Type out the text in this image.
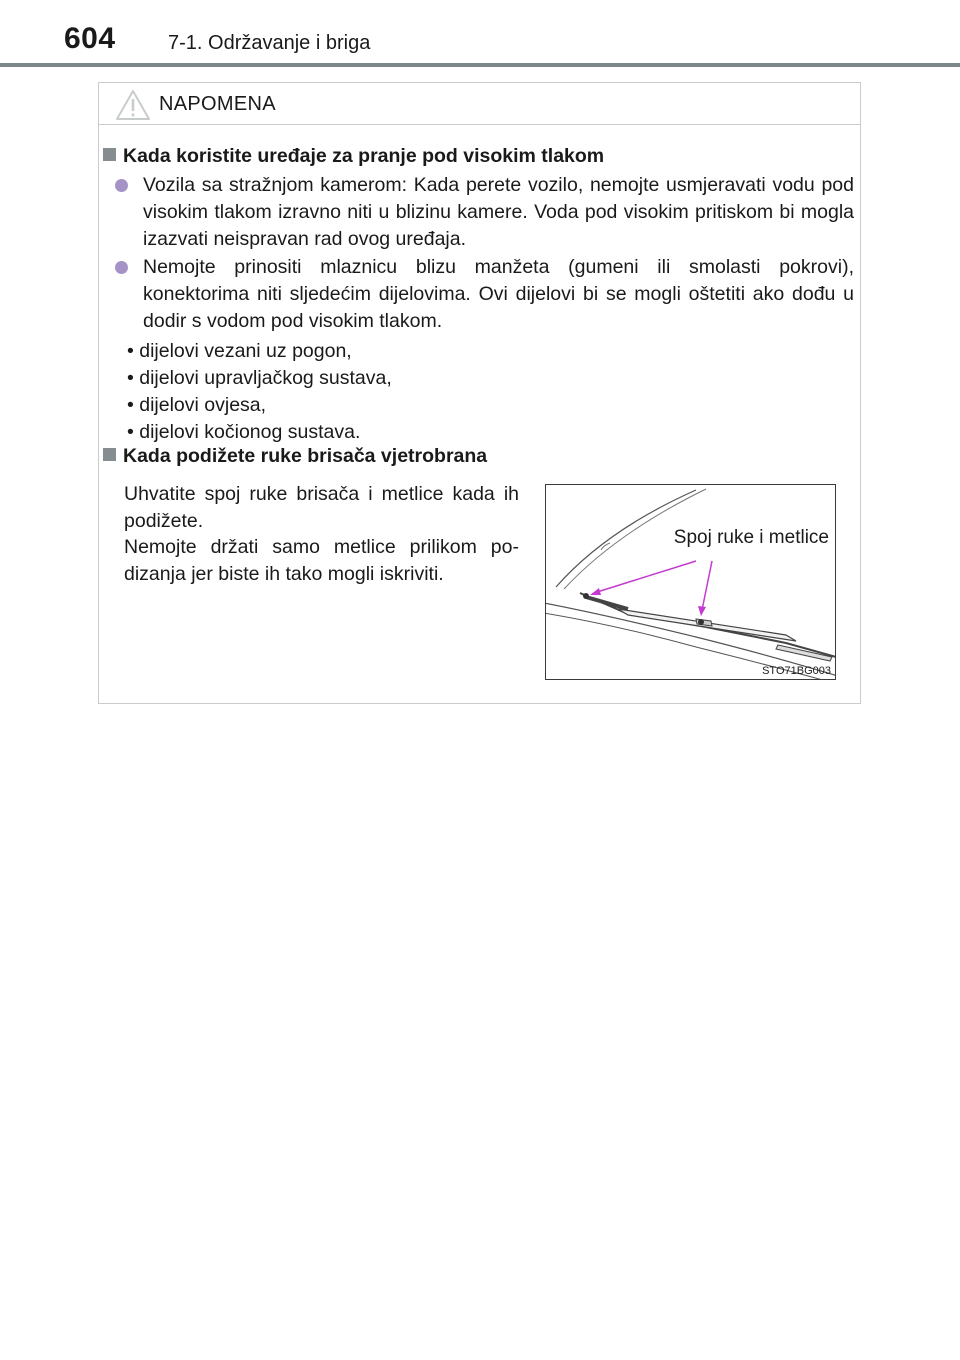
604	7-1. Održavanje i briga
NAPOMENA
Kada koristite uređaje za pranje pod visokim tlakom
Vozila sa stražnjom kamerom: Kada perete vozilo, nemojte usmjeravati vodu pod visokim tlakom izravno niti u blizinu kamere. Voda pod visokim pritiskom bi mogla izazvati neispravan rad ovog uređaja.
Nemojte prinositi mlaznicu blizu manžeta (gumeni ili smolasti pokrovi), konektorima niti sljedećim dijelovima. Ovi dijelovi bi se mogli oštetiti ako dođu u dodir s vodom pod visokim tlakom.
• dijelovi vezani uz pogon,
• dijelovi upravljačkog sustava,
• dijelovi ovjesa,
• dijelovi kočionog sustava.
Kada podižete ruke brisača vjetrobrana
Uhvatite spoj ruke brisača i metlice kada ih podižete.
Nemojte držati samo metlice prilikom po-dizanja jer biste ih tako mogli iskriviti.
Spoj ruke i metlice
STO71BG003
